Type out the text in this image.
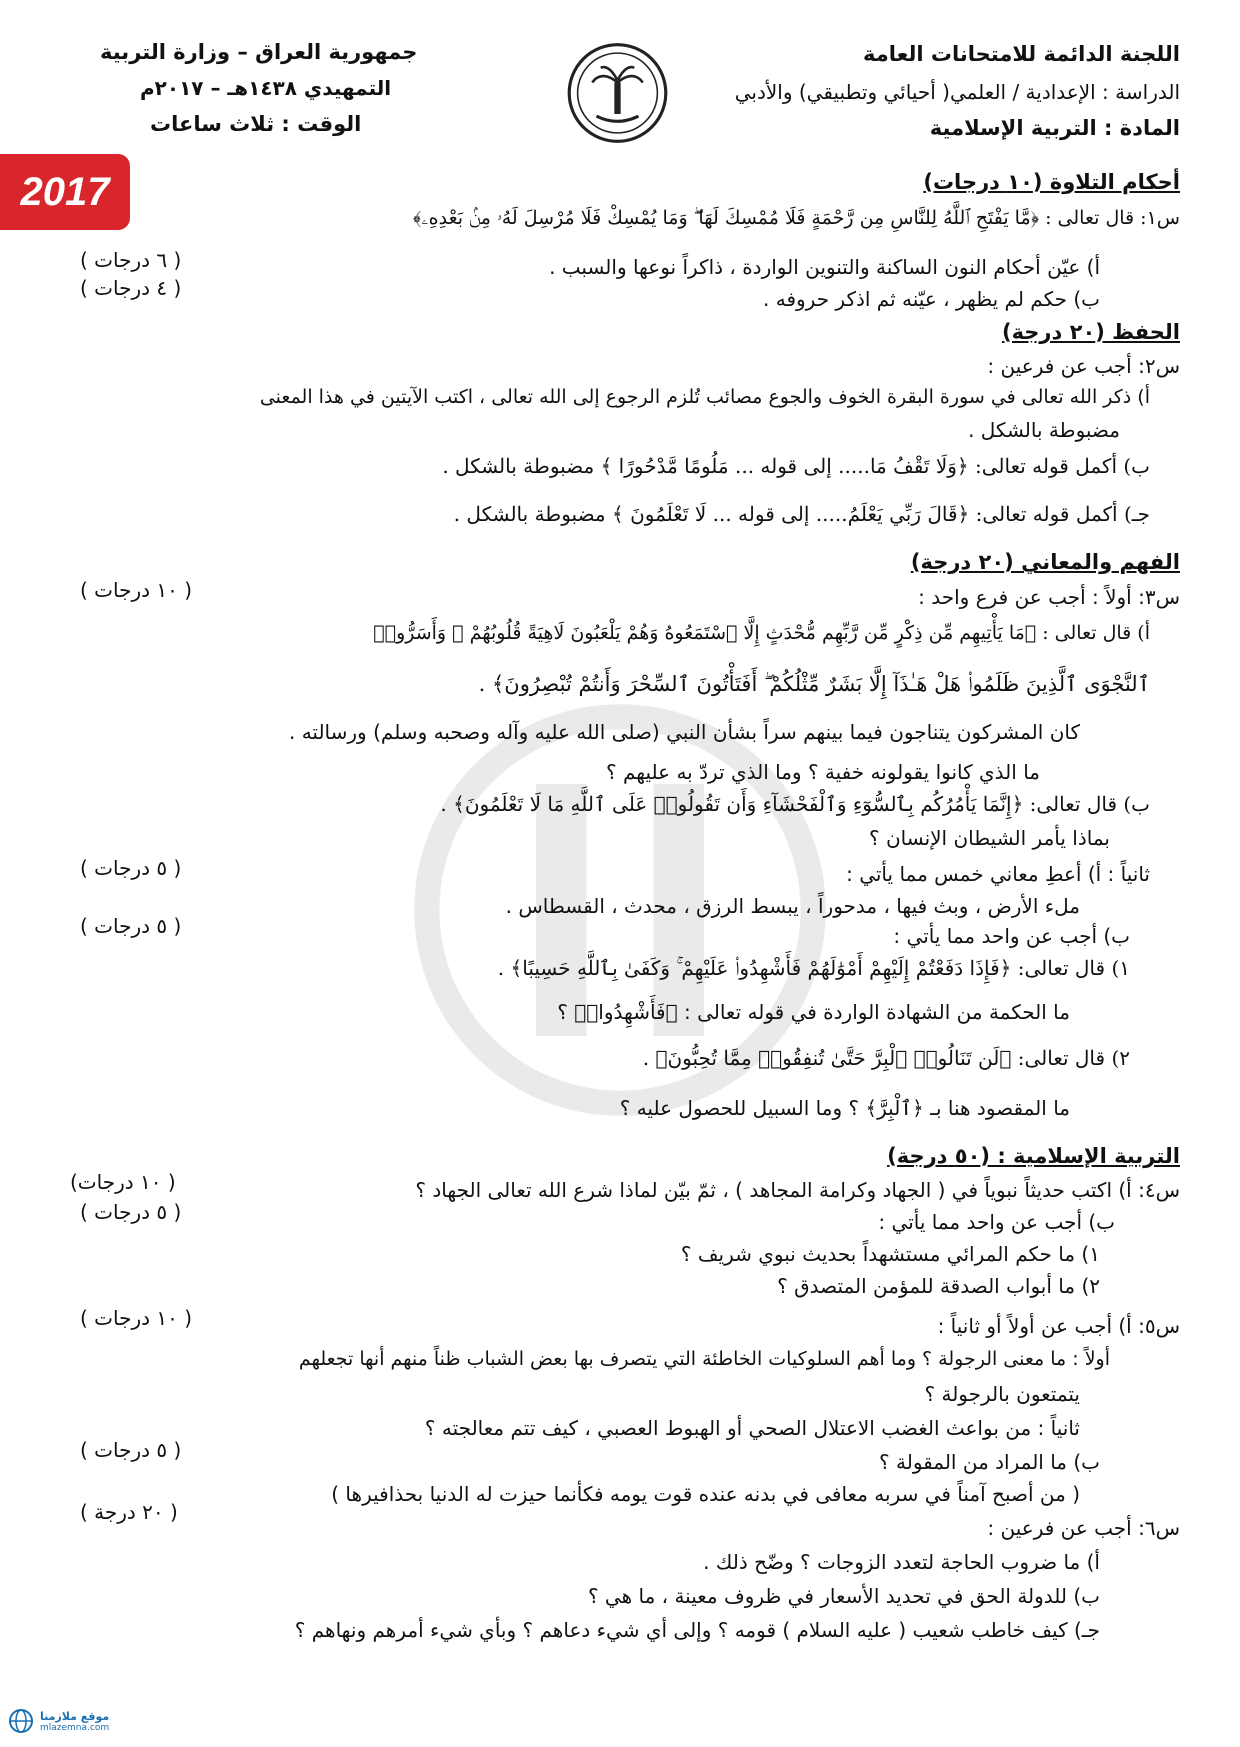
اللجنة الدائمة للامتحانات العامة
الدراسة : الإعدادية / العلمي( أحيائي وتطبيقي) والأدبي
المادة : التربية الإسلامية
جمهورية العراق – وزارة التربية
التمهيدي ١٤٣٨هـ – ٢٠١٧م
الوقت : ثلاث ساعات
2017	أحكام التلاوة (١٠ درجات)
س١: قال تعالى : ﴿مَّا يَفْتَحِ ٱللَّهُ لِلنَّاسِ مِن رَّحْمَةٍ فَلَا مُمْسِكَ لَهَا ۖ وَمَا يُمْسِكْ فَلَا مُرْسِلَ لَهُۥ مِنۢ بَعْدِهِۦ﴾
أ) عيّن أحكام النون الساكنة والتنوين الواردة ، ذاكراً نوعها والسبب .
( ٦ درجات )
ب) حكم لم يظهر ، عيّنه ثم اذكر حروفه .
( ٤ درجات )
الحفظ (٢٠ درجة)
س٢: أجب عن فرعين :
أ) ذكر الله تعالى في سورة البقرة الخوف والجوع مصائب تُلزم الرجوع إلى الله تعالى ، اكتب الآيتين في هذا المعنى
مضبوطة بالشكل .
ب) أكمل قوله تعالى: ﴿وَلَا تَقْفُ مَا..... إلى قوله ... مَلُومًا مَّدْحُورًا ﴾ مضبوطة بالشكل .
جـ) أكمل قوله تعالى: ﴿قَالَ رَبِّي يَعْلَمُ..... إلى قوله ... لَا تَعْلَمُونَ ﴾ مضبوطة بالشكل .
الفهم والمعاني (٢٠ درجة)
س٣: أولاً : أجب عن فرع واحد :
( ١٠ درجات )
أ) قال تعالى : ﴿مَا يَأْتِيهِم مِّن ذِكْرٍ مِّن رَّبِّهِم مُّحْدَثٍ إِلَّا ٱسْتَمَعُوهُ وَهُمْ يَلْعَبُونَ لَاهِيَةً قُلُوبُهُمْ ۗ وَأَسَرُّوا۟
ٱلنَّجْوَى ٱلَّذِينَ ظَلَمُوا۟ هَلْ هَـٰذَآ إِلَّا بَشَرٌ مِّثْلُكُمْ ۖ أَفَتَأْتُونَ ٱلسِّحْرَ وَأَنتُمْ تُبْصِرُونَ﴾ .
كان المشركون يتناجون فيما بينهم سراً بشأن النبي (صلى الله عليه وآله وصحبه وسلم) ورسالته .
ما الذي كانوا يقولونه خفية ؟ وما الذي تردّ به عليهم ؟
ب) قال تعالى: ﴿إِنَّمَا يَأْمُرُكُم بِٱلسُّوٓءِ وَٱلْفَحْشَآءِ وَأَن تَقُولُوا۟ عَلَى ٱللَّهِ مَا لَا تَعْلَمُونَ﴾ .
بماذا يأمر الشيطان الإنسان ؟
ثانياً : أ) أعطِ معاني خمس مما يأتي :
( ٥ درجات )
ملء الأرض ، وبث فيها ، مدحوراً ، يبسط الرزق ، محدث ، القسطاس .
ب) أجب عن واحد مما يأتي :
( ٥ درجات )
١) قال تعالى: ﴿فَإِذَا دَفَعْتُمْ إِلَيْهِمْ أَمْوَٰلَهُمْ فَأَشْهِدُوا۟ عَلَيْهِمْ ۚ وَكَفَىٰ بِٱللَّهِ حَسِيبًا﴾ .
ما الحكمة من الشهادة الواردة في قوله تعالى : ﴿فَأَشْهِدُوا۟﴾ ؟
٢) قال تعالى: ﴿لَن تَنَالُوا۟ ٱلْبِرَّ حَتَّىٰ تُنفِقُوا۟ مِمَّا تُحِبُّونَ﴾ .
ما المقصود هنا بـ ﴿ٱلْبِرَّ﴾ ؟ وما السبيل للحصول عليه ؟
التربية الإسلامية : (٥٠ درجة)
س٤: أ) اكتب حديثاً نبوياً في ( الجهاد وكرامة المجاهد ) ، ثمّ بيّن لماذا شرع الله تعالى الجهاد ؟
( ١٠ درجات)
ب) أجب عن واحد مما يأتي :
( ٥ درجات )
١) ما حكم المرائي مستشهداً بحديث نبوي شريف ؟
٢) ما أبواب الصدقة للمؤمن المتصدق ؟
س٥: أ) أجب عن أولاً أو ثانياً :
( ١٠ درجات )
أولاً : ما معنى الرجولة ؟ وما أهم السلوكيات الخاطئة التي يتصرف بها بعض الشباب ظناً منهم أنها تجعلهم
يتمتعون بالرجولة ؟
ثانياً : من بواعث الغضب الاعتلال الصحي أو الهبوط العصبي ، كيف تتم معالجته ؟
ب) ما المراد من المقولة ؟
( ٥ درجات )
( من أصبح آمناً في سربه معافى في بدنه عنده قوت يومه فكأنما حيزت له الدنيا بحذافيرها )
س٦: أجب عن فرعين :
( ٢٠ درجة )
أ) ما ضروب الحاجة لتعدد الزوجات ؟ وضّح ذلك .
ب) للدولة الحق في تحديد الأسعار في ظروف معينة ، ما هي ؟
جـ) كيف خاطب شعيب ( عليه السلام ) قومه ؟ وإلى أي شيء دعاهم ؟ وبأي شيء أمرهم ونهاهم ؟
موقع ملازمنا
mlazemna.com
